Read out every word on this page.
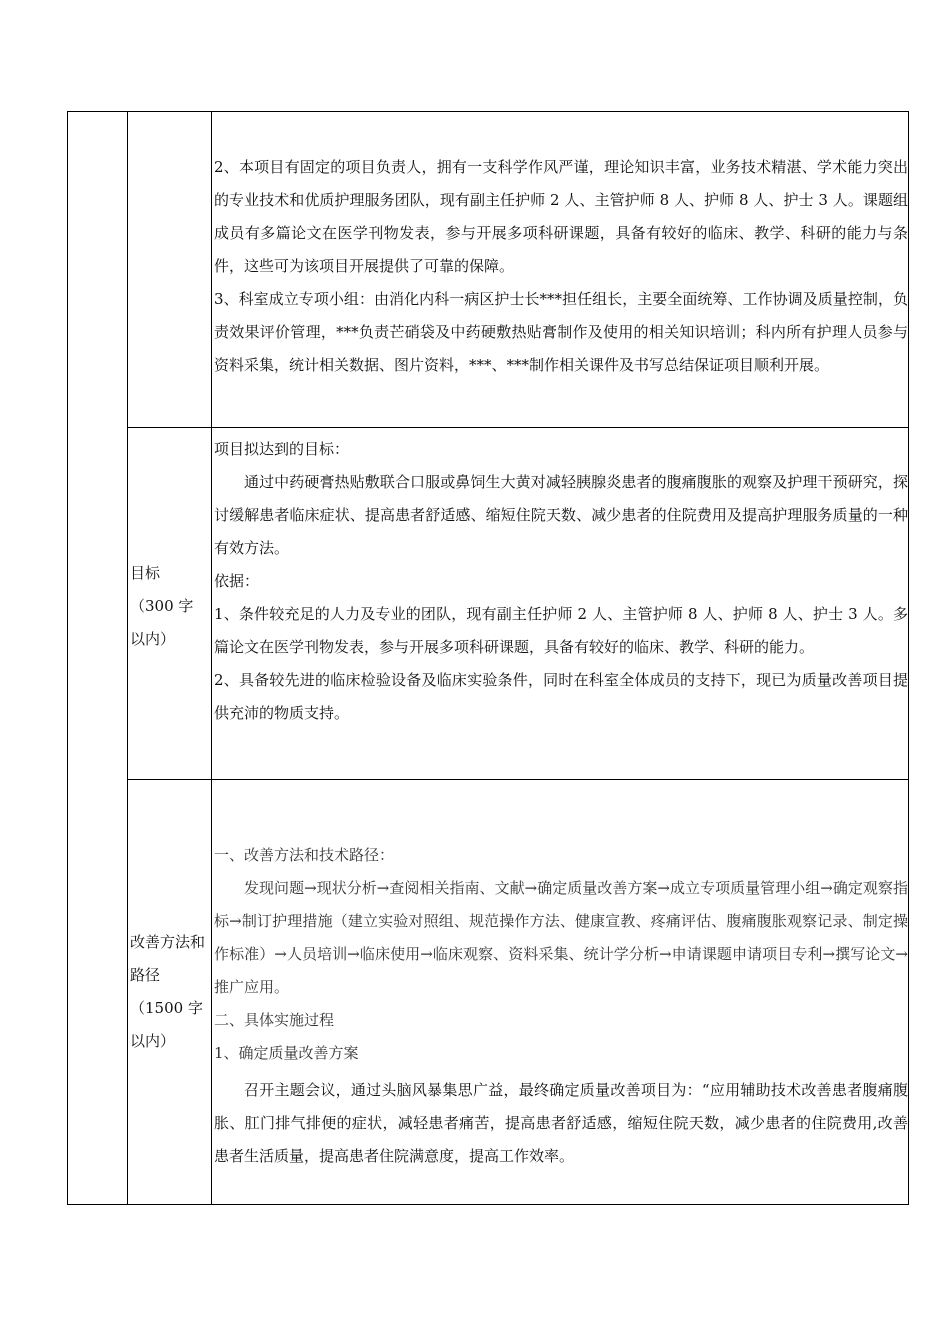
2、本项目有固定的项目负责人，拥有一支科学作风严谨，理论知识丰富，业务技术精湛、学术能力突出的专业技术和优质护理服务团队，现有副主任护师 2 人、主管护师 8 人、护师 8 人、护士 3 人。课题组成员有多篇论文在医学刊物发表，参与开展多项科研课题，具备有较好的临床、教学、科研的能力与条件，这些可为该项目开展提供了可靠的保障。

3、科室成立专项小组：由消化内科一病区护士长***担任组长，主要全面统筹、工作协调及质量控制，负责效果评价管理，***负责芒硝袋及中药硬敷热贴膏制作及使用的相关知识培训；科内所有护理人员参与资料采集，统计相关数据、图片资料，***、***制作相关课件及书写总结保证项目顺利开展。

目标
（300 字以内）

项目拟达到的目标：

通过中药硬膏热贴敷联合口服或鼻饲生大黄对减轻胰腺炎患者的腹痛腹胀的观察及护理干预研究，探讨缓解患者临床症状、提高患者舒适感、缩短住院天数、减少患者的住院费用及提高护理服务质量的一种有效方法。

依据：

1、条件较充足的人力及专业的团队，现有副主任护师 2 人、主管护师 8 人、护师 8 人、护士 3 人。多篇论文在医学刊物发表，参与开展多项科研课题，具备有较好的临床、教学、科研的能力。

2、具备较先进的临床检验设备及临床实验条件，同时在科室全体成员的支持下，现已为质量改善项目提供充沛的物质支持。

改善方法和路径
（1500 字以内）

一、改善方法和技术路径：

发现问题→现状分析→查阅相关指南、文献→确定质量改善方案→成立专项质量管理小组→确定观察指标→制订护理措施（建立实验对照组、规范操作方法、健康宣教、疼痛评估、腹痛腹胀观察记录、制定操作标准）→人员培训→临床使用→临床观察、资料采集、统计学分析→申请课题申请项目专利→撰写论文→推广应用。

二、具体实施过程

1、确定质量改善方案

召开主题会议，通过头脑风暴集思广益，最终确定质量改善项目为：“应用辅助技术改善患者腹痛腹胀、肛门排气排便的症状，减轻患者痛苦，提高患者舒适感，缩短住院天数，减少患者的住院费用,改善患者生活质量，提高患者住院满意度，提高工作效率。
